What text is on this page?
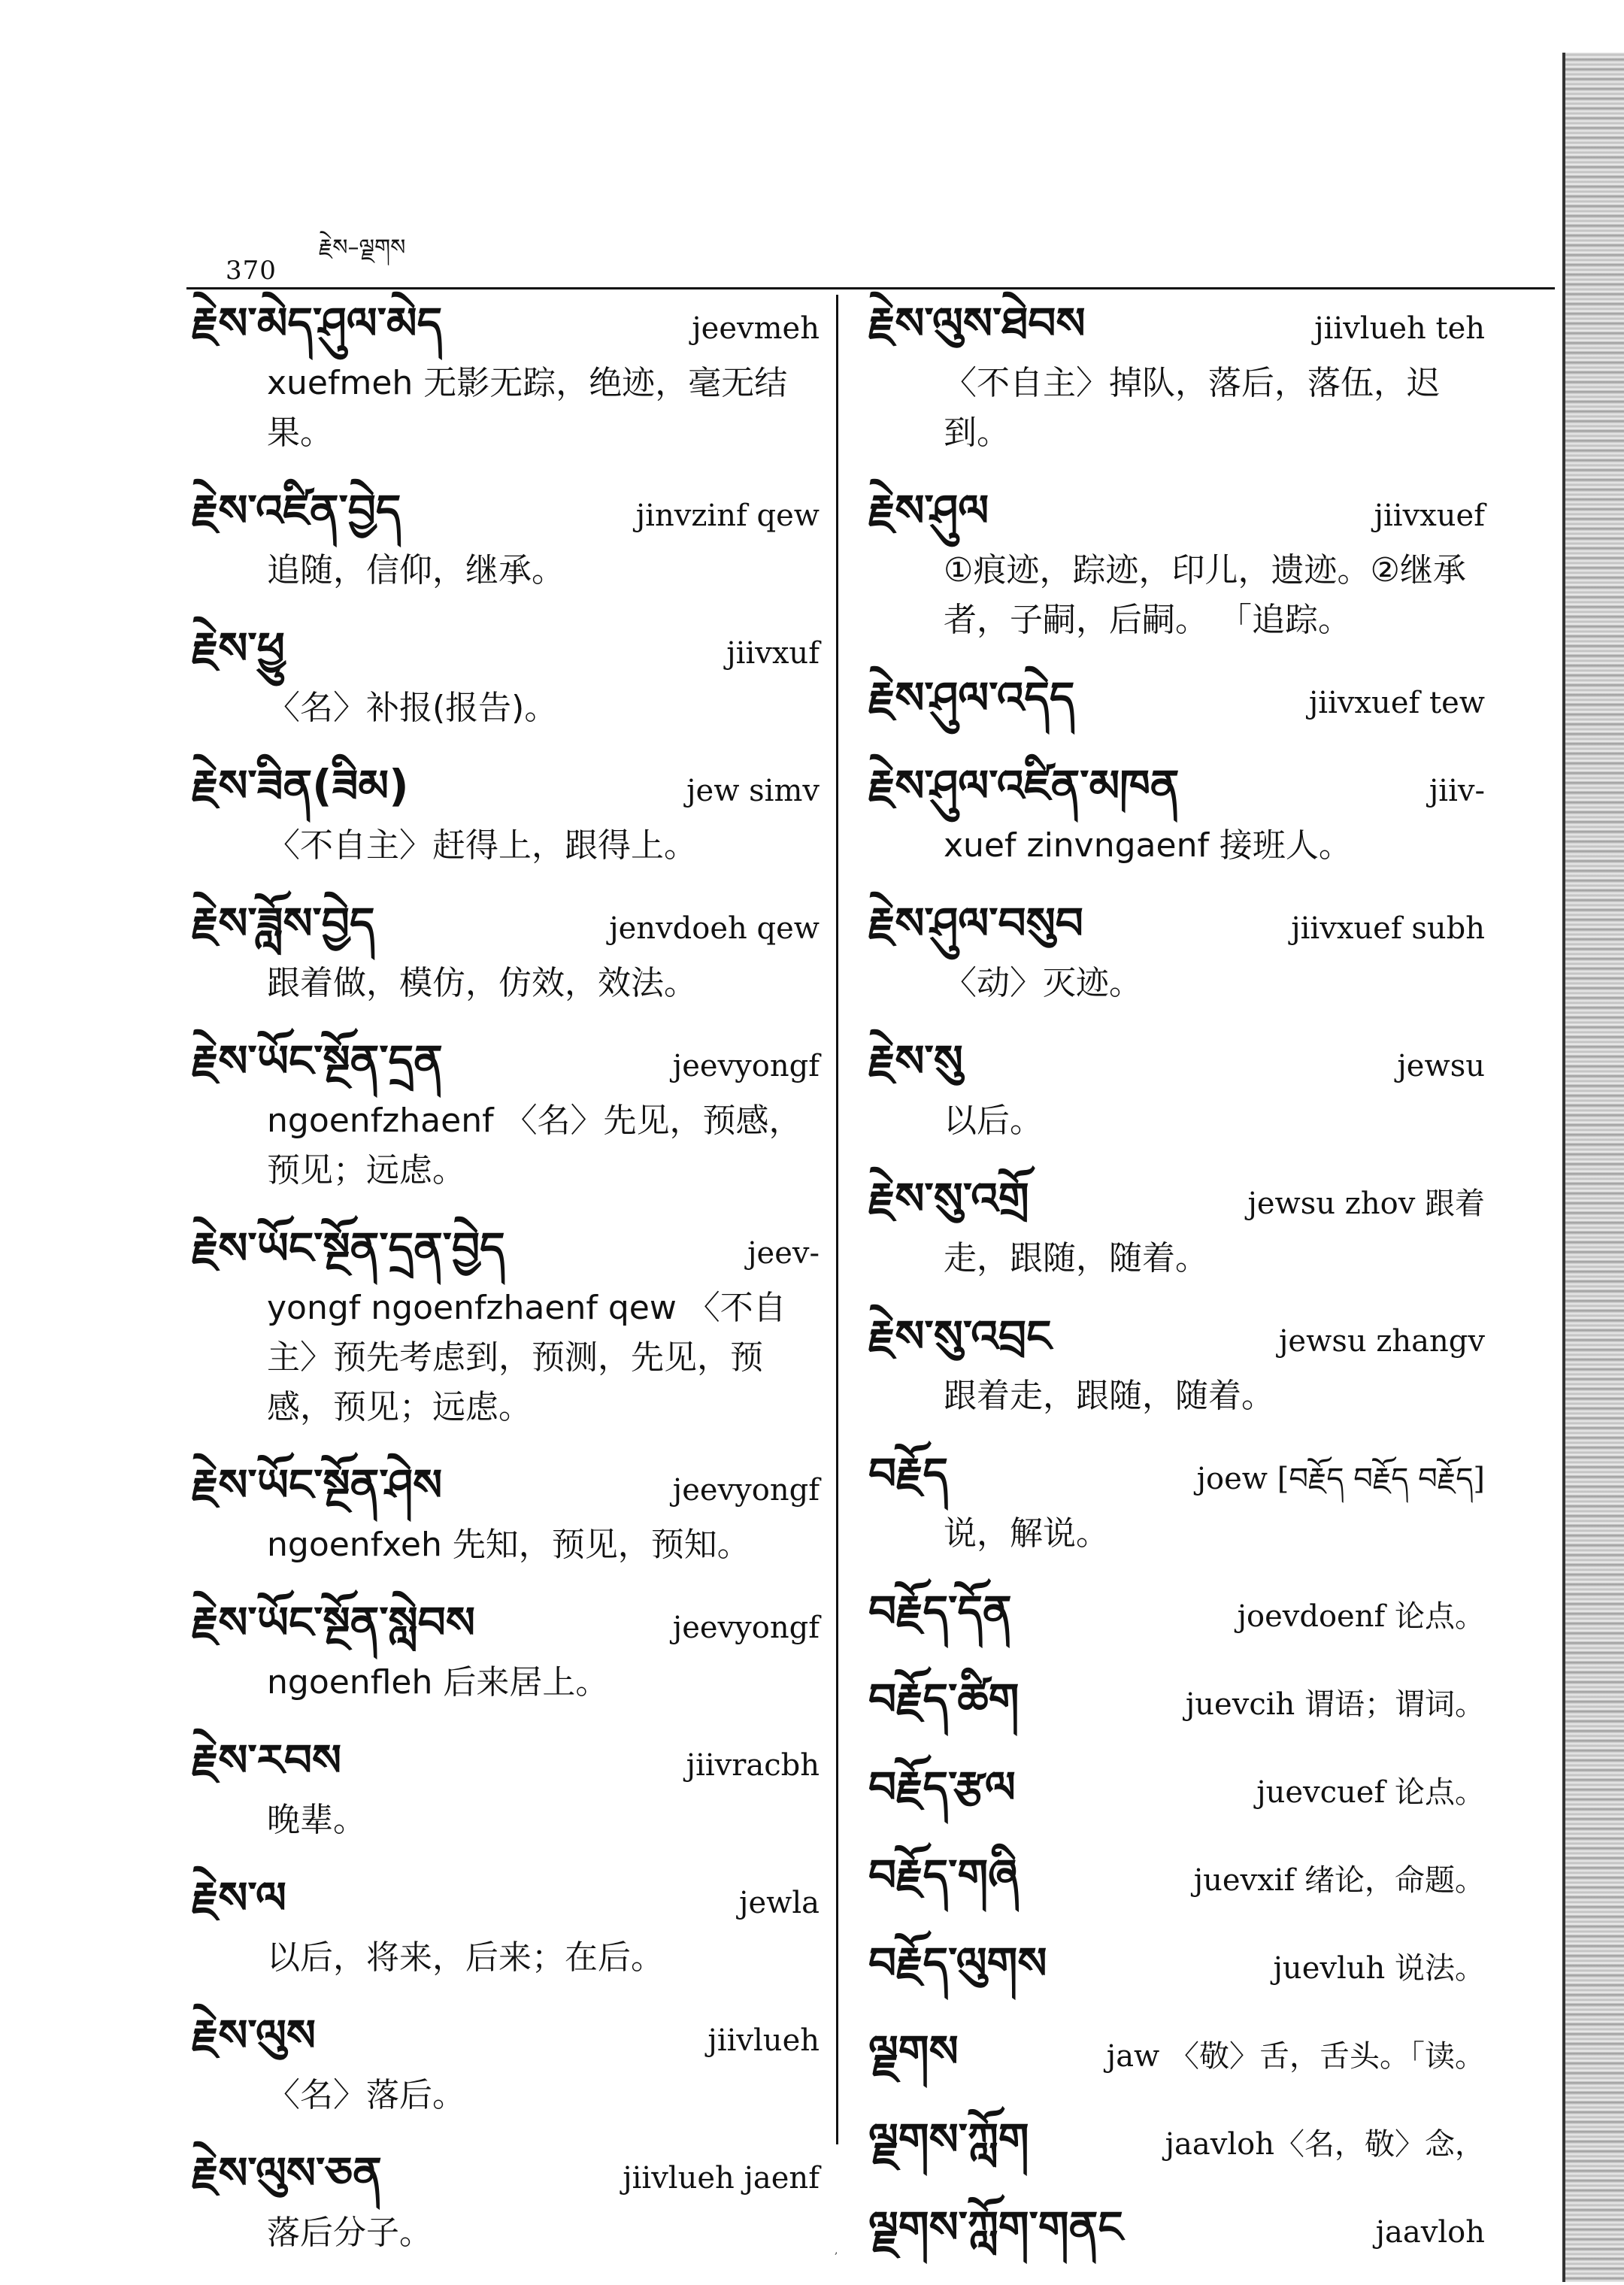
370
རྗེས–ལྗགས
རྗེས་མེད་ཤུལ་མེད	jeevmeh
xuefmeh 无影无踪，绝迹，毫无结果。
རྗེས་འཛིན་བྱེད	jinvzinf qew
追随，信仰，继承。
རྗེས་ཕྱུ	jiivxuf
〈名〉补报(报告)。
རྗེས་ཟིན(ཟིམ)	jew simv
〈不自主〉赶得上，跟得上。
རྗེས་ཟློས་བྱེད	jenvdoeh qew
跟着做，模仿，仿效，效法。
རྗེས་ཡོང་སྔོན་དྲན	jeevyongf
ngoenfzhaenf 〈名〉先见，预感，预见；远虑。
རྗེས་ཡོང་སྔོན་དྲན་བྱེད	jeev-
yongf ngoenfzhaenf qew 〈不自主〉预先考虑到，预测，先见，预感，预见；远虑。
རྗེས་ཡོང་སྔོན་ཤེས	jeevyongf
ngoenfxeh 先知，预见，预知。
རྗེས་ཡོང་སྔོན་སླེབས	jeevyongf
ngoenfleh 后来居上。
རྗེས་རབས	jiivracbh
晚辈。
རྗེས་ལ	jewla
以后，将来，后来；在后。
རྗེས་ལུས	jiivlueh
〈名〉落后。
རྗེས་ལུས་ཅན	jiivlueh jaenf
落后分子。
རྗེས་ལུས་ཐེབས	jiivlueh teh
〈不自主〉掉队，落后，落伍，迟到。
རྗེས་ཤུལ	jiivxuef
①痕迹，踪迹，印儿，遗迹。②继承者，子嗣，后嗣。 「追踪。
རྗེས་ཤུལ་འདེད	jiivxuef tew
རྗེས་ཤུལ་འཛིན་མཁན	jiiv-
xuef zinvngaenf 接班人。
རྗེས་ཤུལ་བསུབ	jiivxuef subh
〈动〉灭迹。
རྗེས་སུ	jewsu
以后。
རྗེས་སུ་འགྲོ	jewsu zhov 跟着
走，跟随，随着。
རྗེས་སུ་འབྲང	jewsu zhangv
跟着走，跟随，随着。
བརྗོད	joew [བརྗོད བརྗོད བརྗོད]
说，解说。
བརྗོད་དོན	joevdoenf 论点。
བརྗོད་ཚིག	juevcih 谓语；谓词。
བརྗོད་རྩལ	juevcuef 论点。
བརྗོད་གཞི	juevxif 绪论，命题。
བརྗོད་ལུགས	juevluh 说法。
ལྗགས	jaw 〈敬〉舌，舌头。「读。
ལྗགས་ཀློག	jaavloh〈名，敬〉念，
ལྗགས་ཀློག་གནང	jaavloh
,
